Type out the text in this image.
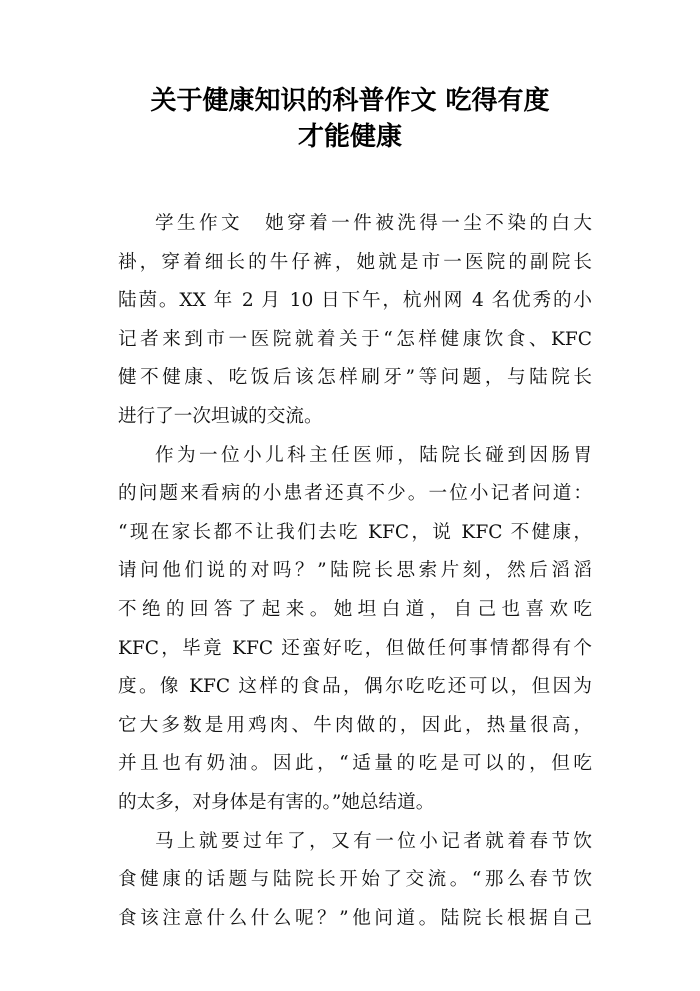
关于健康知识的科普作文 吃得有度
才能健康
学生作文　她穿着一件被洗得一尘不染的白大
褂，穿着细长的牛仔裤，她就是市一医院的副院长
陆茵。XX 年 2 月 10 日下午，杭州网 4 名优秀的小
记者来到市一医院就着关于“怎样健康饮食、KFC
健不健康、吃饭后该怎样刷牙”等问题，与陆院长
进行了一次坦诚的交流。
作为一位小儿科主任医师，陆院长碰到因肠胃
的问题来看病的小患者还真不少。一位小记者问道：
“现在家长都不让我们去吃 KFC，说 KFC 不健康，
请问他们说的对吗？”陆院长思索片刻，然后滔滔
不绝的回答了起来。她坦白道，自己也喜欢吃
KFC，毕竟 KFC 还蛮好吃，但做任何事情都得有个
度。像 KFC 这样的食品，偶尔吃吃还可以，但因为
它大多数是用鸡肉、牛肉做的，因此，热量很高，
并且也有奶油。因此，“适量的吃是可以的，但吃
的太多，对身体是有害的。”她总结道。
马上就要过年了，又有一位小记者就着春节饮
食健康的话题与陆院长开始了交流。“那么春节饮
食该注意什么什么呢？”他问道。陆院长根据自己
